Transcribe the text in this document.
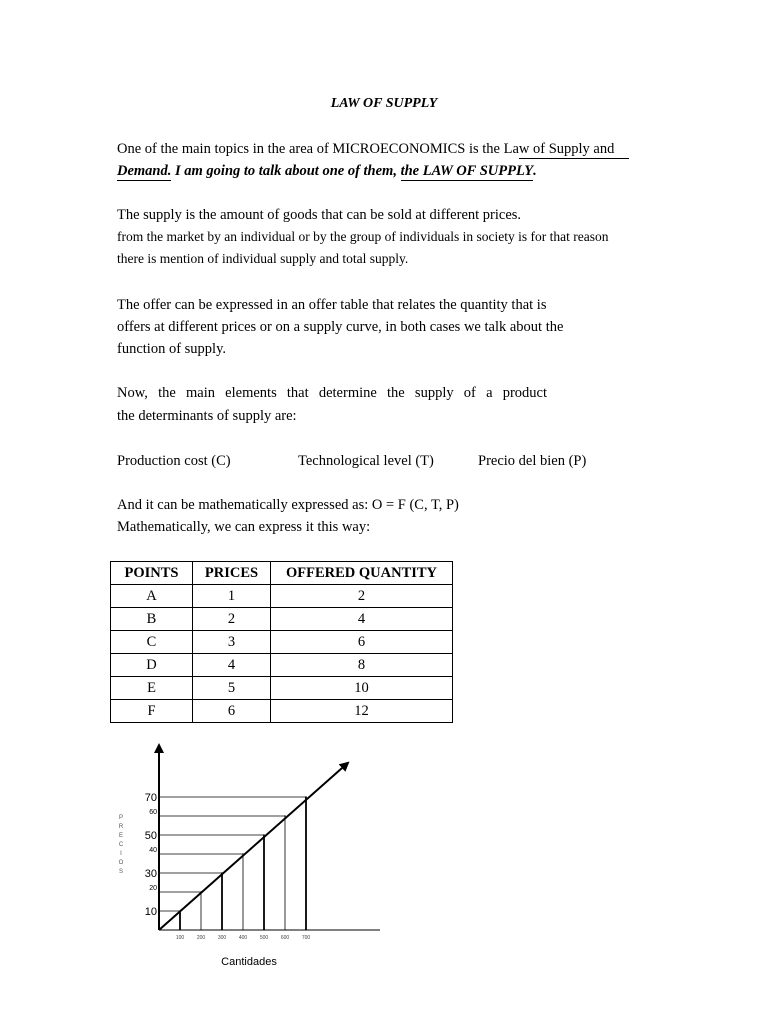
LAW OF SUPPLY
One of the main topics in the area of MICROECONOMICS is the Law of Supply and
Demand. I am going to talk about one of them, the LAW OF SUPPLY.
The supply is the amount of goods that can be sold at different prices.
from the market by an individual or by the group of individuals in society is for that reason
there is mention of individual supply and total supply.
The offer can be expressed in an offer table that relates the quantity that is
offers at different prices or on a supply curve, in both cases we talk about the
function of supply.
Now, the main elements that determine the supply of a product
the determinants of supply are:
Production cost (C)	Technological level (T)	Precio del bien (P)
And it can be mathematically expressed as: O = F (C, T, P)
Mathematically, we can express it this way:
POINTS	PRICES	OFFERED QUANTITY
A	1	2
B	2	4
C	3	6
D	4	8
E	5	10
F	6	12
10
20
30
40
50
60
70
100	200	300	400	500	600	700
P
R
E
C
I
O
S
Cantidades
